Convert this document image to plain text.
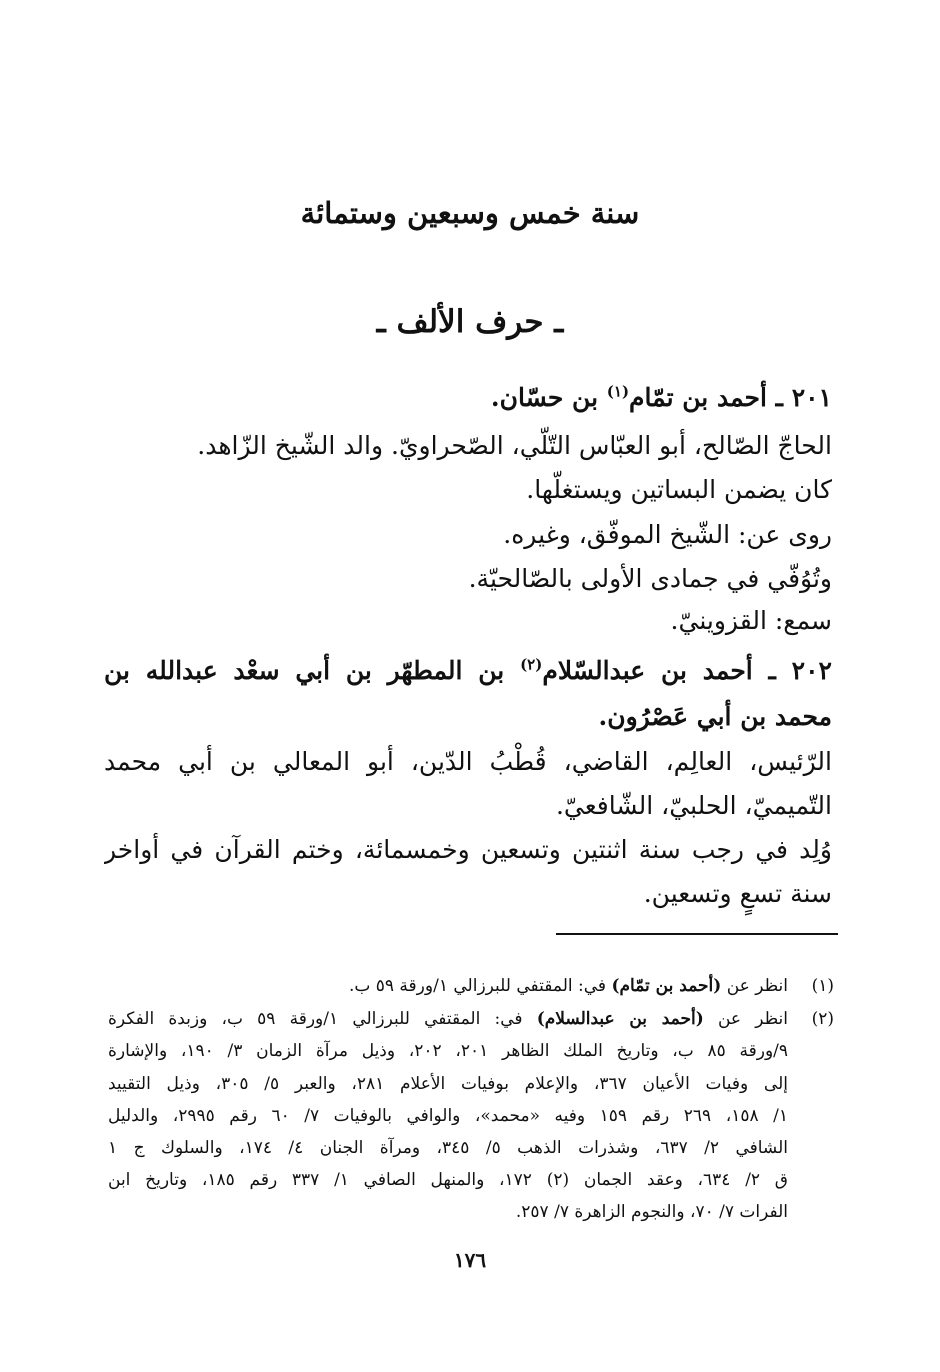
سنة خمس وسبعين وستمائة
ـ حرف الألف ـ
٢٠١ ـ أحمد بن تمّام$^{(١)}$ بن حسّان.
الحاجّ الصّالح، أبو العبّاس التّلّي، الصّحراويّ. والد الشّيخ الزّاهد.
كان يضمن البساتين ويستغلّها.
روى عن: الشّيخ الموفّق، وغيره.
وتُوُفّي في جمادى الأولى بالصّالحيّة.
سمع: القزوينيّ.
٢٠٢ ـ أحمد بن عبدالسّلام$^{(٢)}$ بن المطهّر بن أبي سعْد عبدالله بن
محمد بن أبي عَصْرُون.
الرّئيس، العالِم، القاضي، قُطْبُ الدّين، أبو المعالي بن أبي محمد
التّميميّ، الحلبيّ، الشّافعيّ.
وُلِد في رجب سنة اثنتين وتسعين وخمسمائة، وختم القرآن في أواخر
سنة تسعٍ وتسعين.
(١)
انظر عن (أحمد بن تمّام) في: المقتفي للبرزالي ١/ورقة ٥٩ ب.
(٢)
انظر عن (أحمد بن عبدالسلام) في: المقتفي للبرزالي ١/ورقة ٥٩ ب، وزبدة الفكرة
٩/ورقة ٨٥ ب، وتاريخ الملك الظاهر ٢٠١، ٢٠٢، وذيل مرآة الزمان ٣/ ١٩٠، والإشارة
إلى وفيات الأعيان ٣٦٧، والإعلام بوفيات الأعلام ٢٨١، والعبر ٥/ ٣٠٥، وذيل التقييد
١/ ١٥٨، ٢٦٩ رقم ١٥٩ وفيه «محمد»، والوافي بالوفيات ٧/ ٦٠ رقم ٢٩٩٥، والدليل
الشافي ٢/ ٦٣٧، وشذرات الذهب ٥/ ٣٤٥، ومرآة الجنان ٤/ ١٧٤، والسلوك ج ١
ق ٢/ ٦٣٤، وعقد الجمان (٢) ١٧٢، والمنهل الصافي ١/ ٣٣٧ رقم ١٨٥، وتاريخ ابن
الفرات ٧/ ٧٠، والنجوم الزاهرة ٧/ ٢٥٧.
١٧٦
